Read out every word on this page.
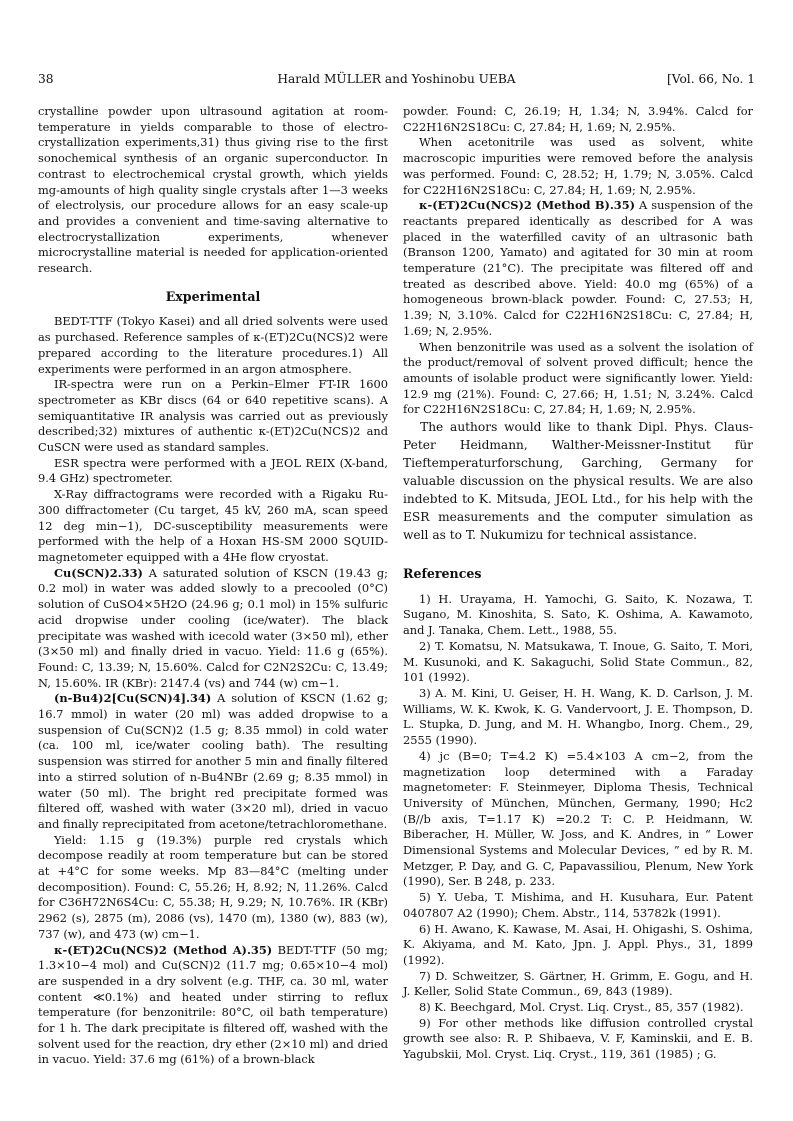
38	Harald MÜLLER and Yoshinobu UEBA	[Vol. 66, No. 1

crystalline powder upon ultrasound agitation at room-temperature in yields comparable to those of electro-crystallization experiments,31) thus giving rise to the first sonochemical synthesis of an organic superconductor. In contrast to electrochemical crystal growth, which yields mg-amounts of high quality single crystals after 1—3 weeks of electrolysis, our procedure allows for an easy scale-up and provides a convenient and time-saving alternative to electrocrystallization experiments, whenever microcrystalline material is needed for application-oriented research.

Experimental

BEDT-TTF (Tokyo Kasei) and all dried solvents were used as purchased. Reference samples of κ-(ET)2Cu(NCS)2 were prepared according to the literature procedures.1) All experiments were performed in an argon atmosphere.

IR-spectra were run on a Perkin–Elmer FT-IR 1600 spectrometer as KBr discs (64 or 640 repetitive scans). A semiquantitative IR analysis was carried out as previously described;32) mixtures of authentic κ-(ET)2Cu(NCS)2 and CuSCN were used as standard samples.

ESR spectra were performed with a JEOL REIX (X-band, 9.4 GHz) spectrometer.

X-Ray diffractograms were recorded with a Rigaku Ru-300 diffractometer (Cu target, 45 kV, 260 mA, scan speed 12 deg min−1), DC-susceptibility measurements were performed with the help of a Hoxan HS-SM 2000 SQUID-magnetometer equipped with a 4He flow cryostat.

Cu(SCN)2.33) A saturated solution of KSCN (19.43 g; 0.2 mol) in water was added slowly to a precooled (0°C) solution of CuSO4×5H2O (24.96 g; 0.1 mol) in 15% sulfuric acid dropwise under cooling (ice/water). The black precipitate was washed with icecold water (3×50 ml), ether (3×50 ml) and finally dried in vacuo. Yield: 11.6 g (65%). Found: C, 13.39; N, 15.60%. Calcd for C2N2S2Cu: C, 13.49; N, 15.60%. IR (KBr): 2147.4 (vs) and 744 (w) cm−1.

(n-Bu4)2[Cu(SCN)4].34) A solution of KSCN (1.62 g; 16.7 mmol) in water (20 ml) was added dropwise to a suspension of Cu(SCN)2 (1.5 g; 8.35 mmol) in cold water (ca. 100 ml, ice/water cooling bath). The resulting suspension was stirred for another 5 min and finally filtered into a stirred solution of n-Bu4NBr (2.69 g; 8.35 mmol) in water (50 ml). The bright red precipitate formed was filtered off, washed with water (3×20 ml), dried in vacuo and finally reprecipitated from acetone/tetrachloromethane.

Yield: 1.15 g (19.3%) purple red crystals which decompose readily at room temperature but can be stored at +4°C for some weeks. Mp 83—84°C (melting under decomposition). Found: C, 55.26; H, 8.92; N, 11.26%. Calcd for C36H72N6S4Cu: C, 55.38; H, 9.29; N, 10.76%. IR (KBr) 2962 (s), 2875 (m), 2086 (vs), 1470 (m), 1380 (w), 883 (w), 737 (w), and 473 (w) cm−1.

κ-(ET)2Cu(NCS)2 (Method A).35) BEDT-TTF (50 mg; 1.3×10−4 mol) and Cu(SCN)2 (11.7 mg; 0.65×10−4 mol) are suspended in a dry solvent (e.g. THF, ca. 30 ml, water content ≪0.1%) and heated under stirring to reflux temperature (for benzonitrile: 80°C, oil bath temperature) for 1 h. The dark precipitate is filtered off, washed with the solvent used for the reaction, dry ether (2×10 ml) and dried in vacuo. Yield: 37.6 mg (61%) of a brown-black

powder. Found: C, 26.19; H, 1.34; N, 3.94%. Calcd for C22H16N2S18Cu: C, 27.84; H, 1.69; N, 2.95%.

When acetonitrile was used as solvent, white macroscopic impurities were removed before the analysis was performed. Found: C, 28.52; H, 1.79; N, 3.05%. Calcd for C22H16N2S18Cu: C, 27.84; H, 1.69; N, 2.95%.

κ-(ET)2Cu(NCS)2 (Method B).35) A suspension of the reactants prepared identically as described for A was placed in the waterfilled cavity of an ultrasonic bath (Branson 1200, Yamato) and agitated for 30 min at room temperature (21°C). The precipitate was filtered off and treated as described above. Yield: 40.0 mg (65%) of a homogeneous brown-black powder. Found: C, 27.53; H, 1.39; N, 3.10%. Calcd for C22H16N2S18Cu: C, 27.84; H, 1.69; N, 2.95%.

When benzonitrile was used as a solvent the isolation of the product/removal of solvent proved difficult; hence the amounts of isolable product were significantly lower. Yield: 12.9 mg (21%). Found: C, 27.66; H, 1.51; N, 3.24%. Calcd for C22H16N2S18Cu: C, 27.84; H, 1.69; N, 2.95%.

The authors would like to thank Dipl. Phys. Claus-Peter Heidmann, Walther-Meissner-Institut für Tieftemperaturforschung, Garching, Germany for valuable discussion on the physical results. We are also indebted to K. Mitsuda, JEOL Ltd., for his help with the ESR measurements and the computer simulation as well as to T. Nukumizu for technical assistance.

References

1) H. Urayama, H. Yamochi, G. Saito, K. Nozawa, T. Sugano, M. Kinoshita, S. Sato, K. Oshima, A. Kawamoto, and J. Tanaka, Chem. Lett., 1988, 55.

2) T. Komatsu, N. Matsukawa, T. Inoue, G. Saito, T. Mori, M. Kusunoki, and K. Sakaguchi, Solid State Commun., 82, 101 (1992).

3) A. M. Kini, U. Geiser, H. H. Wang, K. D. Carlson, J. M. Williams, W. K. Kwok, K. G. Vandervoort, J. E. Thompson, D. L. Stupka, D. Jung, and M. H. Whangbo, Inorg. Chem., 29, 2555 (1990).

4) jc (B=0; T=4.2 K) =5.4×103 A cm−2, from the magnetization loop determined with a Faraday magnetometer: F. Steinmeyer, Diploma Thesis, Technical University of München, München, Germany, 1990; Hc2 (B//b axis, T=1.17 K) =20.2 T: C. P. Heidmann, W. Biberacher, H. Müller, W. Joss, and K. Andres, in “ Lower Dimensional Systems and Molecular Devices, ” ed by R. M. Metzger, P. Day, and G. C, Papavassiliou, Plenum, New York (1990), Ser. B 248, p. 233.

5) Y. Ueba, T. Mishima, and H. Kusuhara, Eur. Patent 0407807 A2 (1990); Chem. Abstr., 114, 53782k (1991).

6) H. Awano, K. Kawase, M. Asai, H. Ohigashi, S. Oshima, K. Akiyama, and M. Kato, Jpn. J. Appl. Phys., 31, 1899 (1992).

7) D. Schweitzer, S. Gärtner, H. Grimm, E. Gogu, and H. J. Keller, Solid State Commun., 69, 843 (1989).

8) K. Beechgard, Mol. Cryst. Liq. Cryst., 85, 357 (1982).

9) For other methods like diffusion controlled crystal growth see also: R. P. Shibaeva, V. F, Kaminskii, and E. B. Yagubskii, Mol. Cryst. Liq. Cryst., 119, 361 (1985) ; G.
